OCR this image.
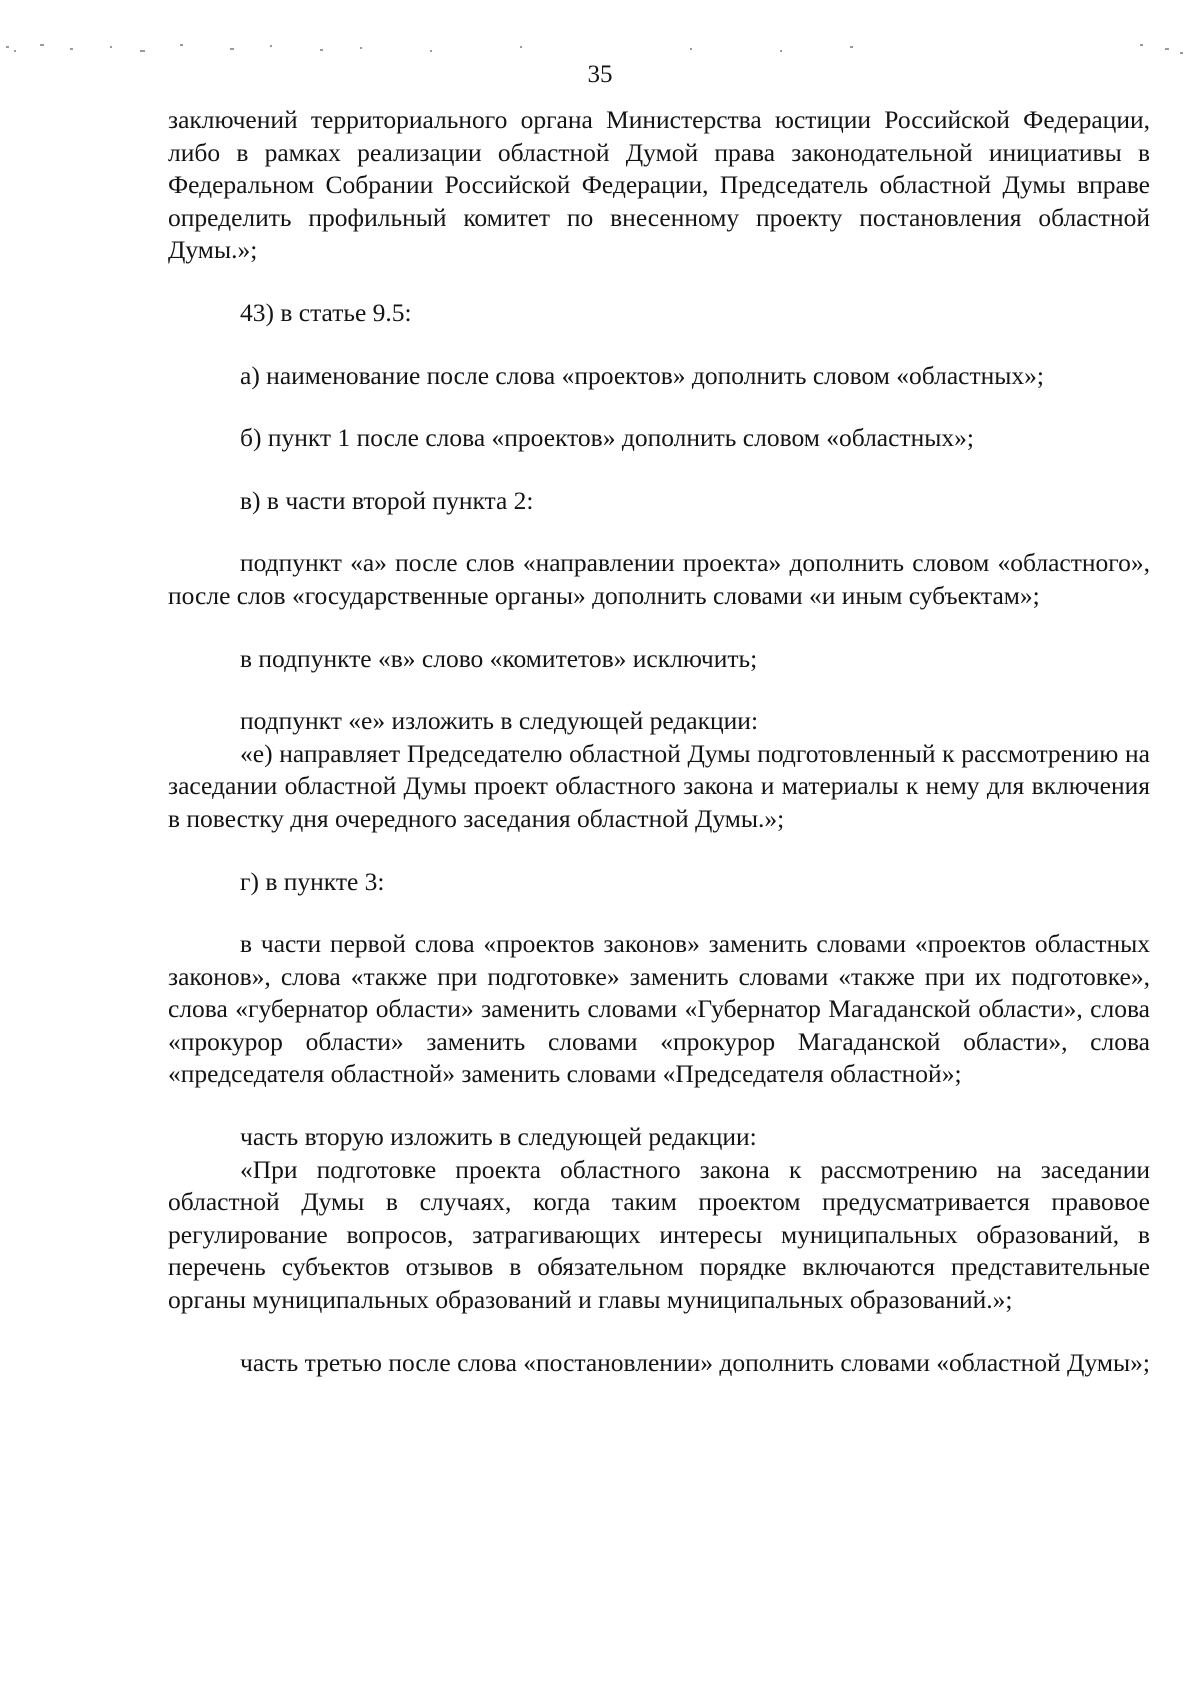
35

заключений территориального органа Министерства юстиции Российской Федерации, либо в рамках реализации областной Думой права законодательной инициативы в Федеральном Собрании Российской Федерации, Председатель областной Думы вправе определить профильный комитет по внесенному проекту постановления областной Думы.»;

43) в статье 9.5:

а) наименование после слова «проектов» дополнить словом «областных»;

б) пункт 1 после слова «проектов» дополнить словом «областных»;

в) в части второй пункта 2:

подпункт «а» после слов «направлении проекта» дополнить словом «областного», после слов «государственные органы» дополнить словами «и иным субъектам»;

в подпункте «в» слово «комитетов» исключить;

подпункт «е» изложить в следующей редакции:

«е) направляет Председателю областной Думы подготовленный к рассмотрению на заседании областной Думы проект областного закона и материалы к нему для включения в повестку дня очередного заседания областной Думы.»;

г) в пункте 3:

в части первой слова «проектов законов» заменить словами «проектов областных законов», слова «также при подготовке» заменить словами «также при их подготовке», слова «губернатор области» заменить словами «Губернатор Магаданской области», слова «прокурор области» заменить словами «прокурор Магаданской области», слова «председателя областной» заменить словами «Председателя областной»;

часть вторую изложить в следующей редакции:

«При подготовке проекта областного закона к рассмотрению на заседании областной Думы в случаях, когда таким проектом предусматривается правовое регулирование вопросов, затрагивающих интересы муниципальных образований, в перечень субъектов отзывов в обязательном порядке включаются представительные органы муниципальных образований и главы муниципальных образований.»;

часть третью после слова «постановлении» дополнить словами «областной Думы»;
